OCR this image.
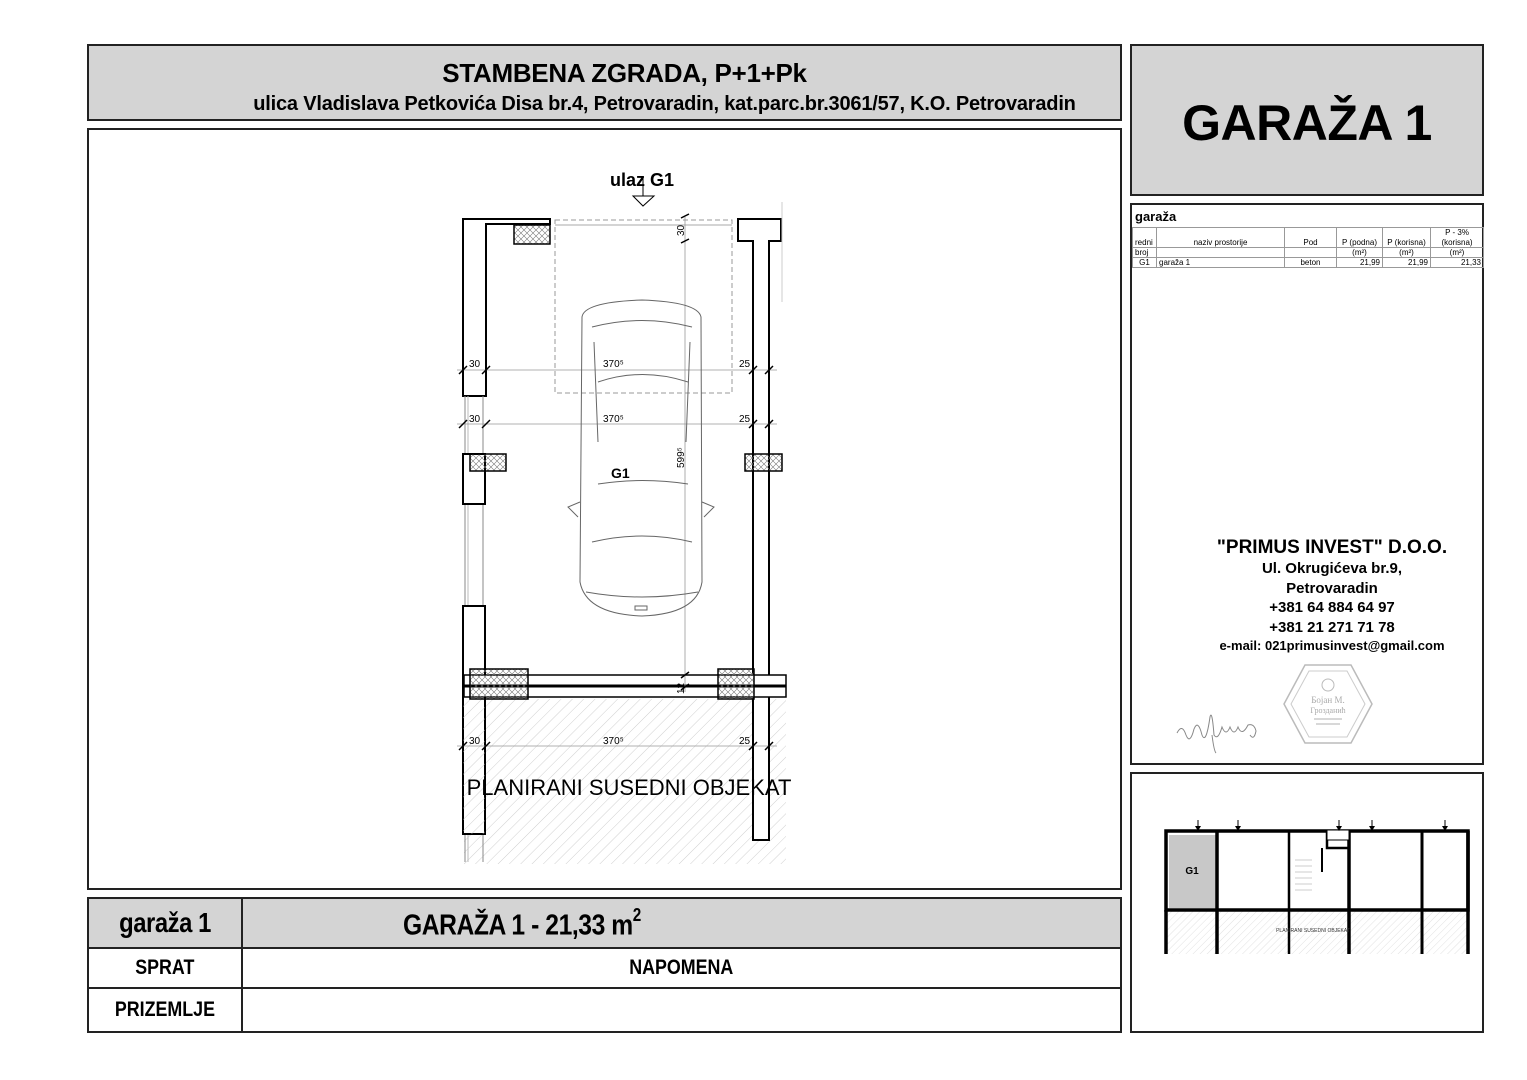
STAMBENA ZGRADA, P+1+Pk
ulica Vladislava Petkovića Disa br.4, Petrovaradin, kat.parc.br.3061/57, K.O. Petrovaradin
30	370⁵	25
30	370⁵	25
30	370⁵	25
599⁵
30
12
ulaz G1
G1
PLANIRANI SUSEDNI OBJEKAT
GARAŽA 1
garaža
					P - 3%
redni	naziv prostorije	Pod	P (podna)	P (korisna)	(korisna)
broj			(m²)	(m²)	(m²)
G1	garaža 1	beton	21,99	21,99	21,33
"PRIMUS INVEST" D.O.O.
Ul. Okrugićeva br.9,
Petrovaradin
+381 64 884 64 97
+381 21 271 71 78
e-mail: 021primusinvest@gmail.com
Бојан М.
Грозданић
G1
PLANIRANI SUSEDNI OBJEKAT
garaža 1	GARAŽA 1 - 21,33 $m^2$
SPRAT	NAPOMENA
PRIZEMLJE
